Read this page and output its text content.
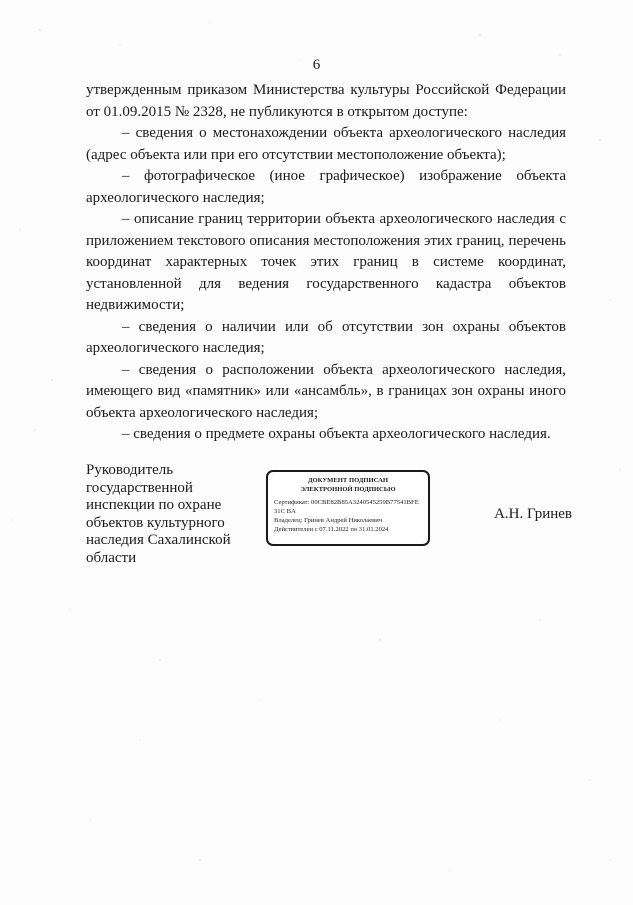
6

утвержденным приказом Министерства культуры Российской Федерации от 01.09.2015 № 2328, не публикуются в открытом доступе:

– сведения о местонахождении объекта археологического наследия (адрес объекта или при его отсутствии местоположение объекта);

– фотографическое (иное графическое) изображение объекта археологического наследия;

– описание границ территории объекта археологического наследия с приложением текстового описания местоположения этих границ, перечень координат характерных точек этих границ в системе координат, установленной для ведения государственного кадастра объектов недвижимости;

– сведения о наличии или об отсутствии зон охраны объектов археологического наследия;

– сведения о расположении объекта археологического наследия, имеющего вид «памятник» или «ансамбль», в границах зон охраны иного объекта археологического наследия;

– сведения о предмете охраны объекта археологического наследия.

Руководитель
государственной
инспекции по охране
объектов культурного
наследия Сахалинской
области
ДОКУМЕНТ ПОДПИСАН
ЭЛЕКТРОННОЙ ПОДПИСЬЮ
Сертификат: 00CBE82B85A3240545259B77541BFE31C BA
Владелец: Гринев Андрей Николаевич
Действителен с 07.11.2022 по 31.01.2024
А.Н. Гринев
